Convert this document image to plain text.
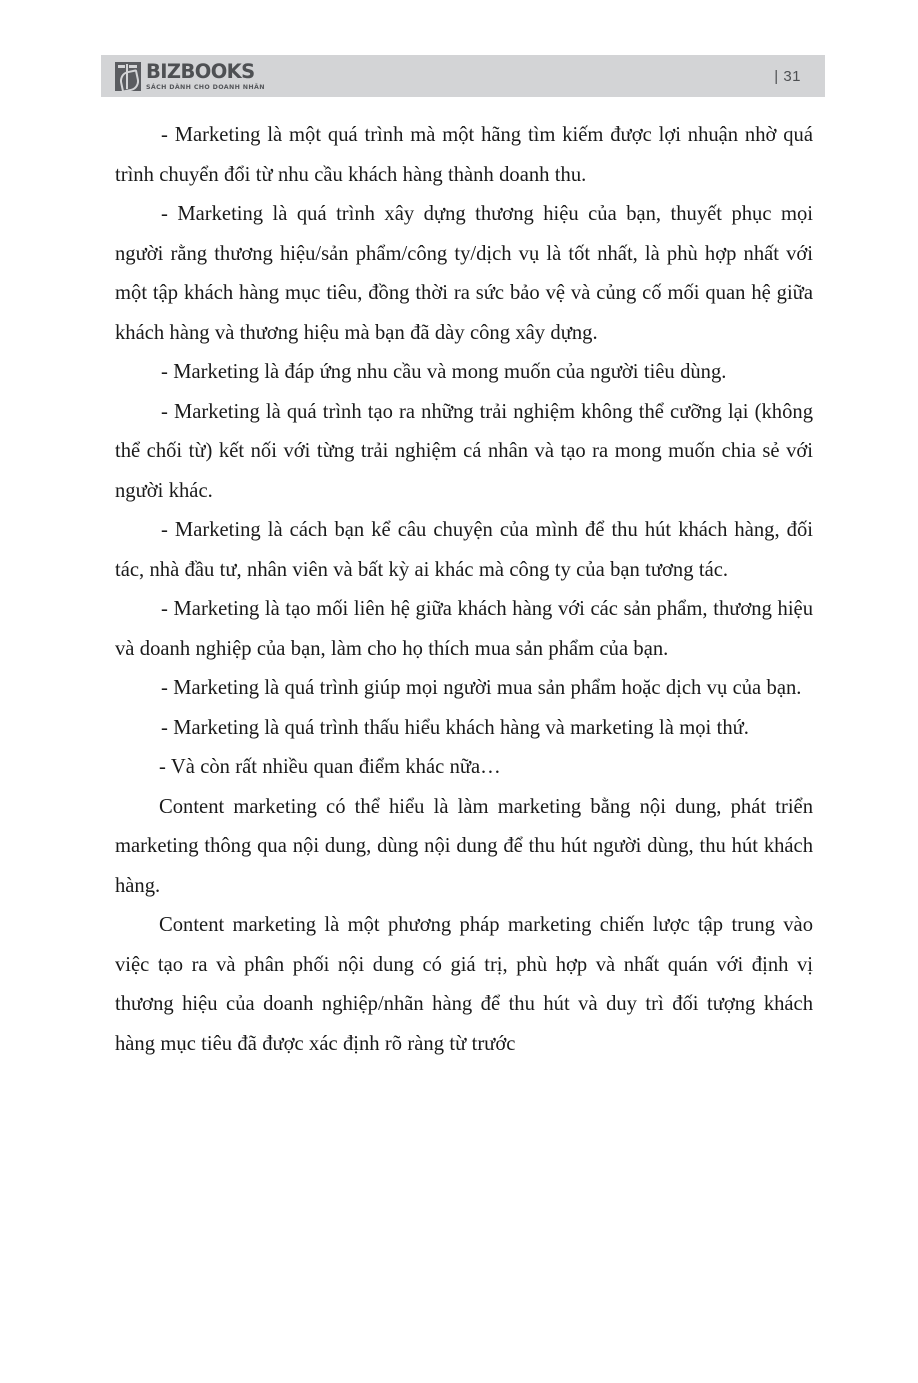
BIZBOOKS
SÁCH DÀNH CHO DOANH NHÂN
| 31

- Marketing là một quá trình mà một hãng tìm kiếm được lợi nhuận nhờ quá trình chuyển đổi từ nhu cầu khách hàng thành doanh thu.

- Marketing là quá trình xây dựng thương hiệu của bạn, thuyết phục mọi người rằng thương hiệu/sản phẩm/công ty/dịch vụ là tốt nhất, là phù hợp nhất với một tập khách hàng mục tiêu, đồng thời ra sức bảo vệ và củng cố mối quan hệ giữa khách hàng và thương hiệu mà bạn đã dày công xây dựng.

- Marketing là đáp ứng nhu cầu và mong muốn của người tiêu dùng.

- Marketing là quá trình tạo ra những trải nghiệm không thể cưỡng lại (không thể chối từ) kết nối với từng trải nghiệm cá nhân và tạo ra mong muốn chia sẻ với người khác.

- Marketing là cách bạn kể câu chuyện của mình để thu hút khách hàng, đối tác, nhà đầu tư, nhân viên và bất kỳ ai khác mà công ty của bạn tương tác.

- Marketing là tạo mối liên hệ giữa khách hàng với các sản phẩm, thương hiệu và doanh nghiệp của bạn, làm cho họ thích mua sản phẩm của bạn.

- Marketing là quá trình giúp mọi người mua sản phẩm hoặc dịch vụ của bạn.

- Marketing là quá trình thấu hiểu khách hàng và marketing là mọi thứ.

- Và còn rất nhiều quan điểm khác nữa…

Content marketing có thể hiểu là làm marketing bằng nội dung, phát triển marketing thông qua nội dung, dùng nội dung để thu hút người dùng, thu hút khách hàng.

Content marketing là một phương pháp marketing chiến lược tập trung vào việc tạo ra và phân phối nội dung có giá trị, phù hợp và nhất quán với định vị thương hiệu của doanh nghiệp/nhãn hàng để thu hút và duy trì đối tượng khách hàng mục tiêu đã được xác định rõ ràng từ trước
